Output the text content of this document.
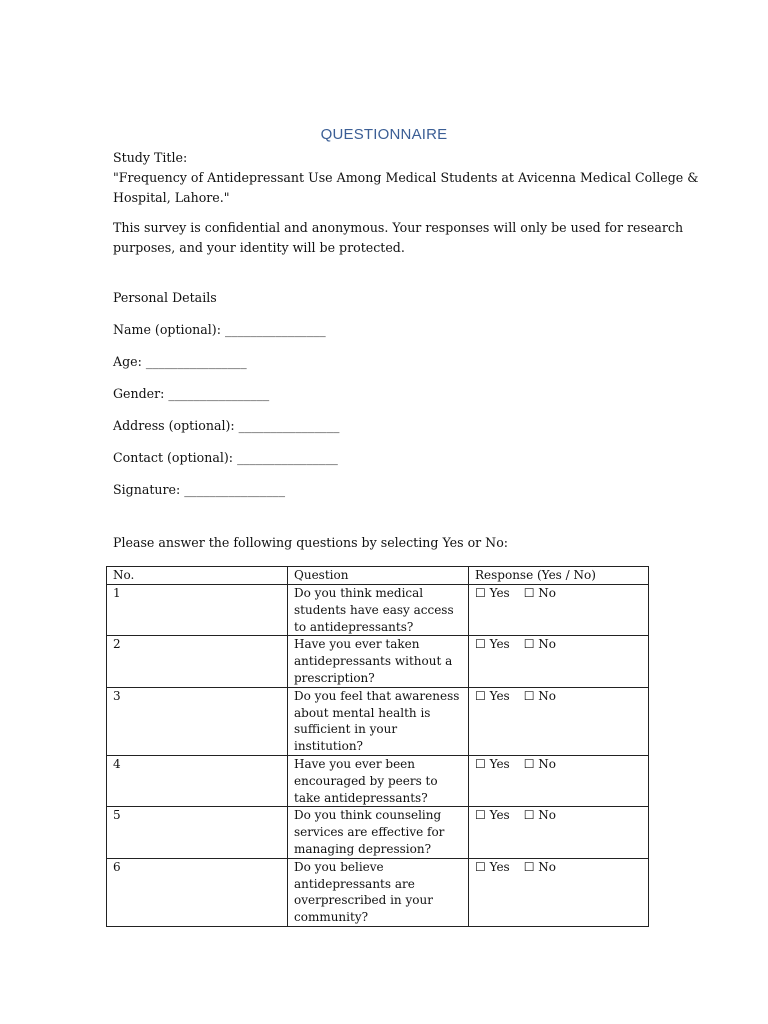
QUESTIONNAIRE
Study Title:
"Frequency of Antidepressant Use Among Medical Students at Avicenna Medical College &
Hospital, Lahore."
This survey is confidential and anonymous. Your responses will only be used for research
purposes, and your identity will be protected.
Personal Details
Name (optional): ________________
Age: ________________
Gender: ________________
Address (optional): ________________
Contact (optional): ________________
Signature: ________________
Please answer the following questions by selecting Yes or No:
No.	Question	Response (Yes / No)
1	Do you think medical students have easy access to antidepressants?	☐ Yes ☐ No
2	Have you ever taken antidepressants without a prescription?	☐ Yes ☐ No
3	Do you feel that awareness about mental health is sufficient in your institution?	☐ Yes ☐ No
4	Have you ever been encouraged by peers to take antidepressants?	☐ Yes ☐ No
5	Do you think counseling services are effective for managing depression?	☐ Yes ☐ No
6	Do you believe antidepressants are overprescribed in your community?	☐ Yes ☐ No
